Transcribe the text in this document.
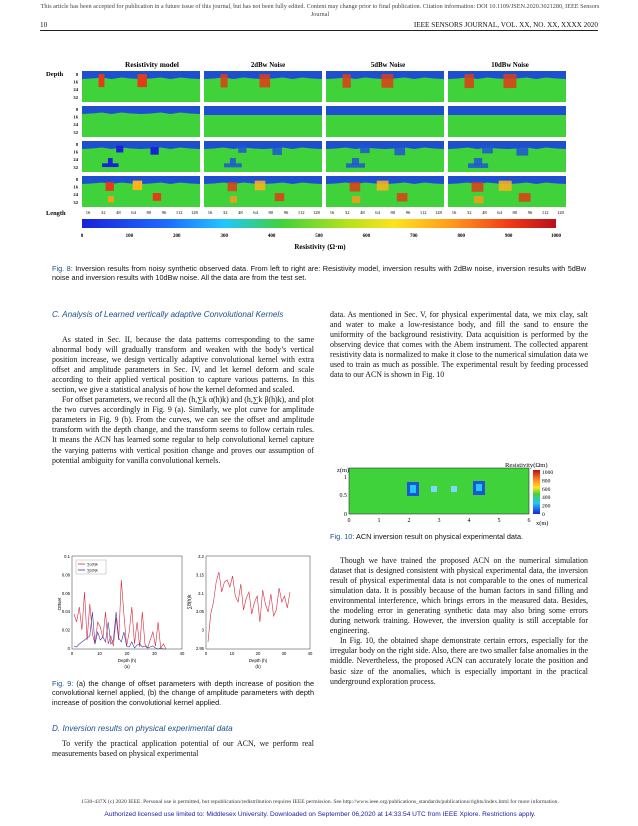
This article has been accepted for publication in a future issue of this journal, but has not been fully edited. Content may change prior to final publication. Citation information: DOI 10.1109/JSEN.2020.3021280, IEEE Sensors Journal
10	IEEE SENSORS JOURNAL, VOL. XX, NO. XX, XXXX 2020
Resistivity model	2dBw Noise	5dBw Noise	10dBw Noise
Depth	8
16
24
32
8
16
24
32
8
16
24
32
8
16
24
32
Length	16 32 48 64 80 96 112 128 16 32 48 64 80 96 112 128 16 32 48 64 80 96 112 128 16 32 48 64 80 96 112 128
0	100	200	300	400	500	600	700	800	900	1000
Resistivity (Ω·m)
Fig. 8: Inversion results from noisy synthetic observed data. From left to right are: Resistivity model, inversion results with 2dBw noise, inversion results with 5dBw noise and inversion results with 10dBw noise. All the data are from the test set.
C. Analysis of Learned vertically adaptive Convolutional Kernels

As stated in Sec. II, because the data patterns corresponding to the same abnormal body will gradually transform and weaken with the body’s vertical position increase, we design vertically adaptive convolutional kernel with extra offset and amplitude parameters in Sec. IV, and let kernel deform and scale according to their applied vertical position to capture various patterns. In this section, we give a statistical analysis of how the kernel deformed and scaled.

For offset parameters, we record all the (h,∑k α(h)k) and (h,∑k β(h)k), and plot the two curves accordingly in Fig. 9 (a). Similarly, we plot curve for amplitude parameters in Fig. 9 (b). From the curves, we can see the offset and amplitude transform with the depth change, and the transform seems to follow certain rules. It means the ACN has learned some regular to help convolutional kernel capture the varying patterns with vertical position change and proves our assumption of potential ambiguity for vanilla convolutional kernels.

0.1
0.08
0.06
0.04
0.02
0
0	10	20	30	40
Offset
Depth (h)
(a)
∑α(h)k
∑β(h)k
3.2
3.15
3.1
3.05
3
2.95
0	10	20	30	40
∑θ(h)k
Depth (h)
(b)
Fig. 9: (a) the change of offset parameters with depth increase of position the convolutional kernel applied, (b) the change of amplitude parameters with depth increase of position the convolutional kernel applied.
D. Inversion results on physical experimental data

To verify the practical application potential of our ACN, we perform real measurements based on physical experimental

data. As mentioned in Sec. V, for physical experimental data, we mix clay, salt and water to make a low-resistance body, and fill the sand to ensure the uniformity of the background resistivity. Data acquisition is performed by the observing device that comes with the Abem instrument. The collected apparent resistivity data is normalized to make it close to the numerical simulation data we used to train as much as possible. The experimental result by feeding processed data to our ACN is shown in Fig. 10

z(m)
1
0.5
0
0	1	2	3	4	5	6 x(m)
Resistivity(Ωm)
1000
800
600
400
200
0
Fig. 10: ACN inversion result on physical experimental data.

Though we have trained the proposed ACN on the numerical simulation dataset that is designed consistent with physical experimental data, the inversion result of physical experimental data is not comparable to the ones of numerical simulation data. It is possibly because of the human factors in sand filling and environmental interference, which brings errors in the measured data. Besides, the modeling error in generating synthetic data may also bring some errors during network training. However, the inversion quality is still acceptable for engineering.

In Fig. 10, the obtained shape demonstrate certain errors, especially for the irregular body on the right side. Also, there are two smaller false anomalies in the middle. Nevertheless, the proposed ACN can accurately locate the position and basic size of the anomalies, which is especially important in the practical underground exploration process.

1530-437X (c) 2020 IEEE. Personal use is permitted, but republication/redistribution requires IEEE permission. See http://www.ieee.org/publications_standards/publications/rights/index.html for more information.
Authorized licensed use limited to: Middlesex University. Downloaded on September 06,2020 at 14:33:54 UTC from IEEE Xplore. Restrictions apply.
